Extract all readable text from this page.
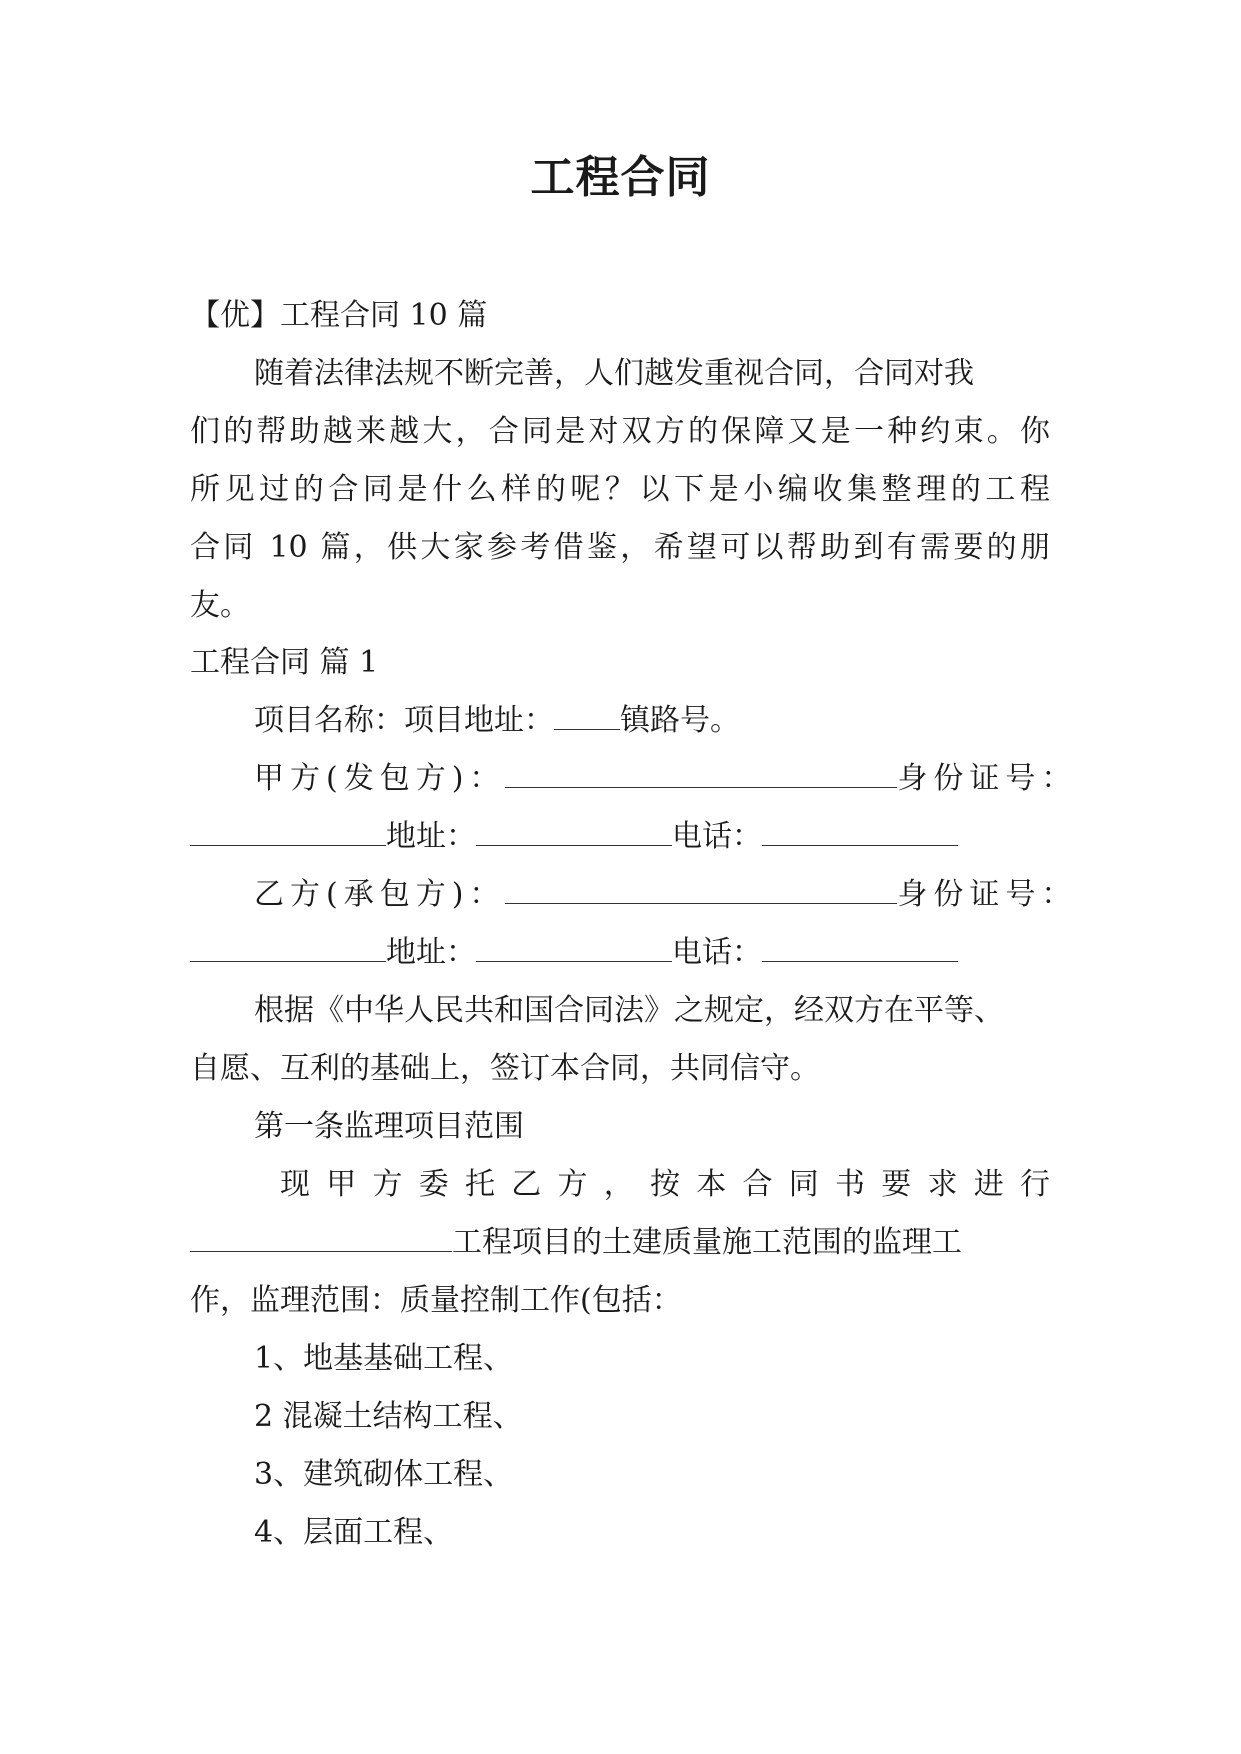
工程合同
【优】工程合同 10 篇
随着法律法规不断完善，人们越发重视合同，合同对我
们的帮助越来越大，合同是对双方的保障又是一种约束。你
所见过的合同是什么样的呢？以下是小编收集整理的工程
合同 10 篇，供大家参考借鉴，希望可以帮助到有需要的朋
友。
工程合同 篇 1
项目名称：项目地址： 镇路号。
甲方(发包方)：	身份证号：
地址：	电话：
乙方(承包方)：	身份证号：
地址：	电话：
根据《中华人民共和国合同法》之规定，经双方在平等、
自愿、互利的基础上，签订本合同，共同信守。
第一条监理项目范围
现甲方委托乙方，按本合同书要求进行
工程项目的土建质量施工范围的监理工
作，监理范围：质量控制工作(包括：
1、地基基础工程、
2 混凝土结构工程、
3、建筑砌体工程、
4、层面工程、
